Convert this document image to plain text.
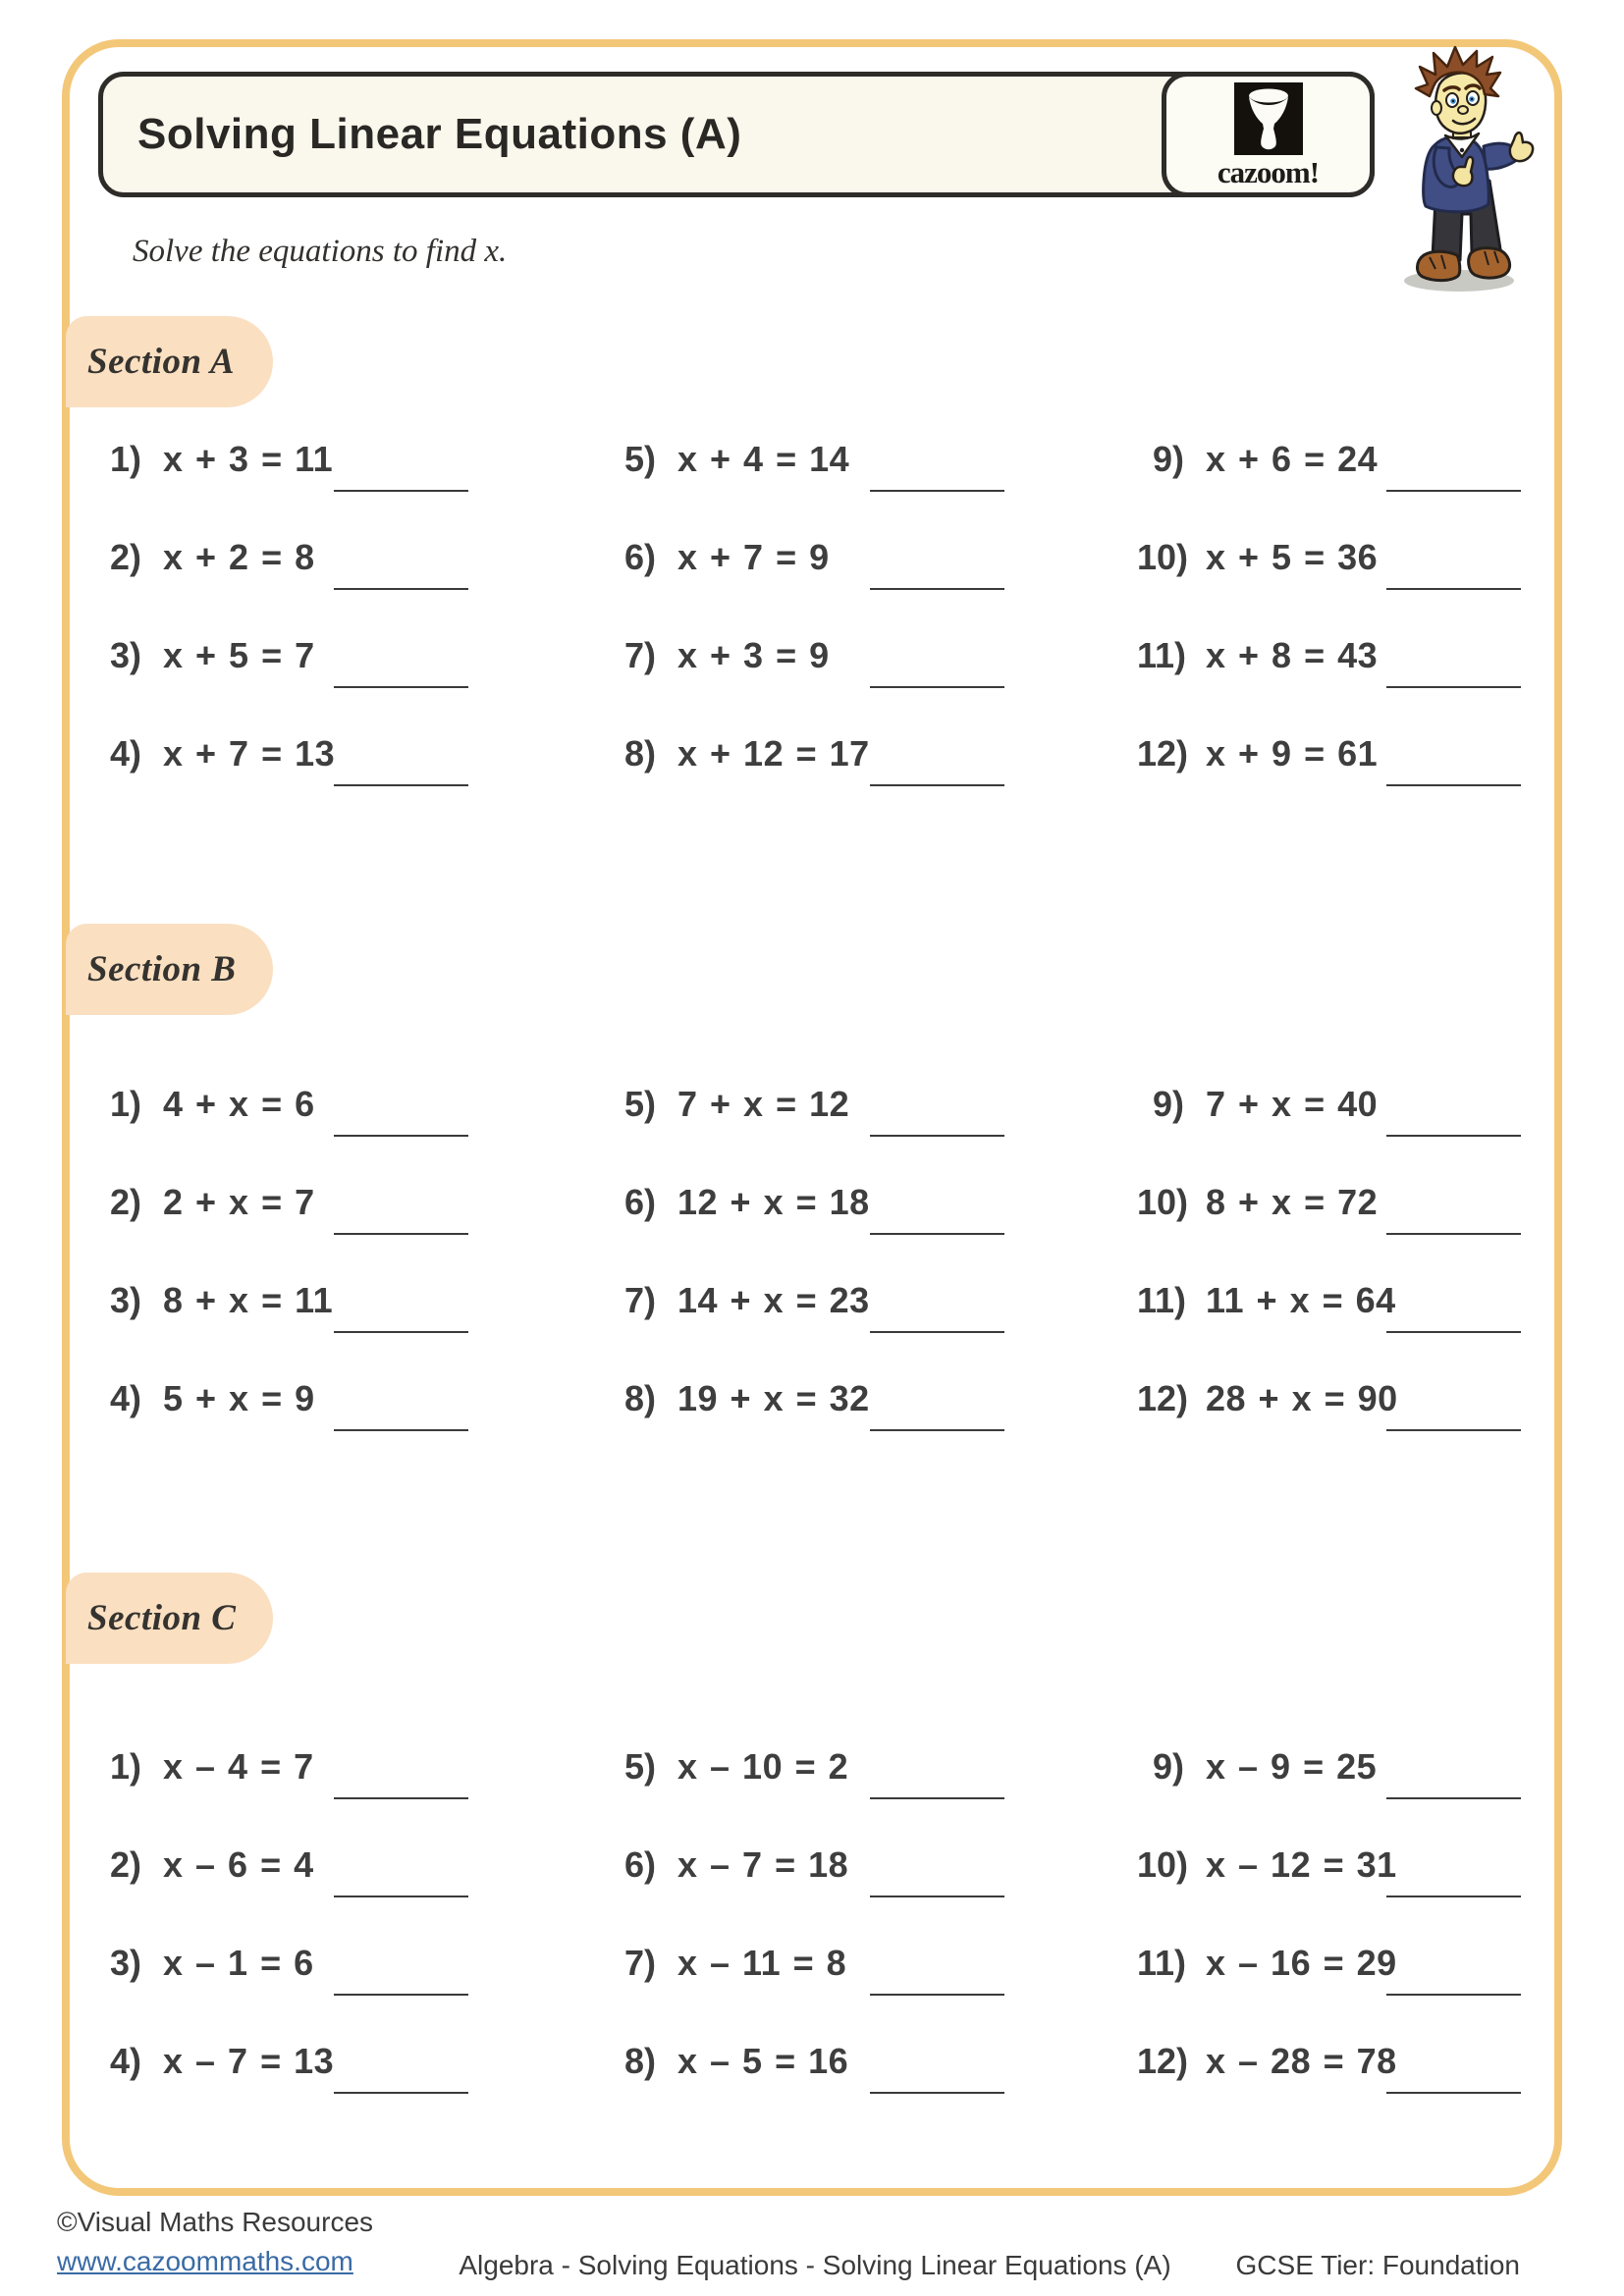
Solving Linear Equations (A)
cazoom!
Solve the equations to find x.
Section A
1) x + 3 = 11
2) x + 2 = 8
3) x + 5 = 7
4) x + 7 = 13
5) x + 4 = 14
6) x + 7 = 9
7) x + 3 = 9
8) x + 12 = 17
9) x + 6 = 24
10) x + 5 = 36
11) x + 8 = 43
12) x + 9 = 61
Section B
1) 4 + x = 6
2) 2 + x = 7
3) 8 + x = 11
4) 5 + x = 9
5) 7 + x = 12
6) 12 + x = 18
7) 14 + x = 23
8) 19 + x = 32
9) 7 + x = 40
10) 8 + x = 72
11) 11 + x = 64
12) 28 + x = 90
Section C
1) x – 4 = 7
2) x – 6 = 4
3) x – 1 = 6
4) x – 7 = 13
5) x – 10 = 2
6) x – 7 = 18
7) x – 11 = 8
8) x – 5 = 16
9) x – 9 = 25
10) x – 12 = 31
11) x – 16 = 29
12) x – 28 = 78
©Visual Maths Resources
www.cazoommaths.com	Algebra - Solving Equations - Solving Linear Equations (A)	GCSE Tier: Foundation
